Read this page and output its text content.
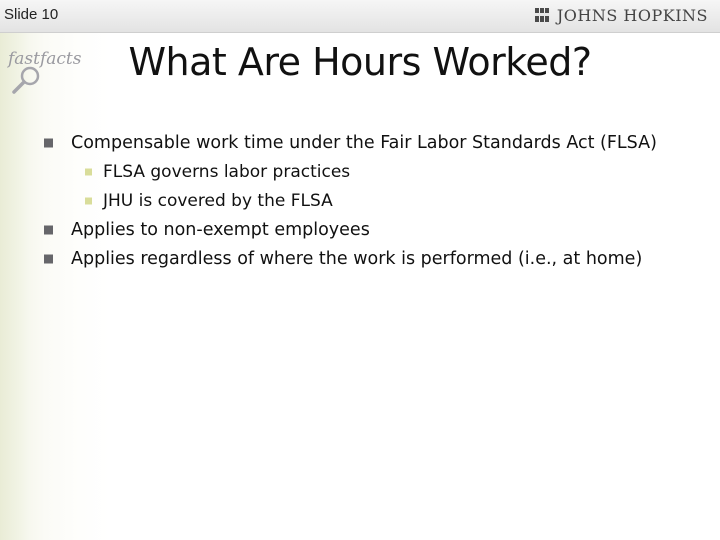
Slide 10	JOHNS HOPKINS
fastfacts	What Are Hours Worked?
Compensable work time under the Fair Labor Standards Act (FLSA)
FLSA governs labor practices
JHU is covered by the FLSA
Applies to non-exempt employees
Applies regardless of where the work is performed (i.e., at home)
